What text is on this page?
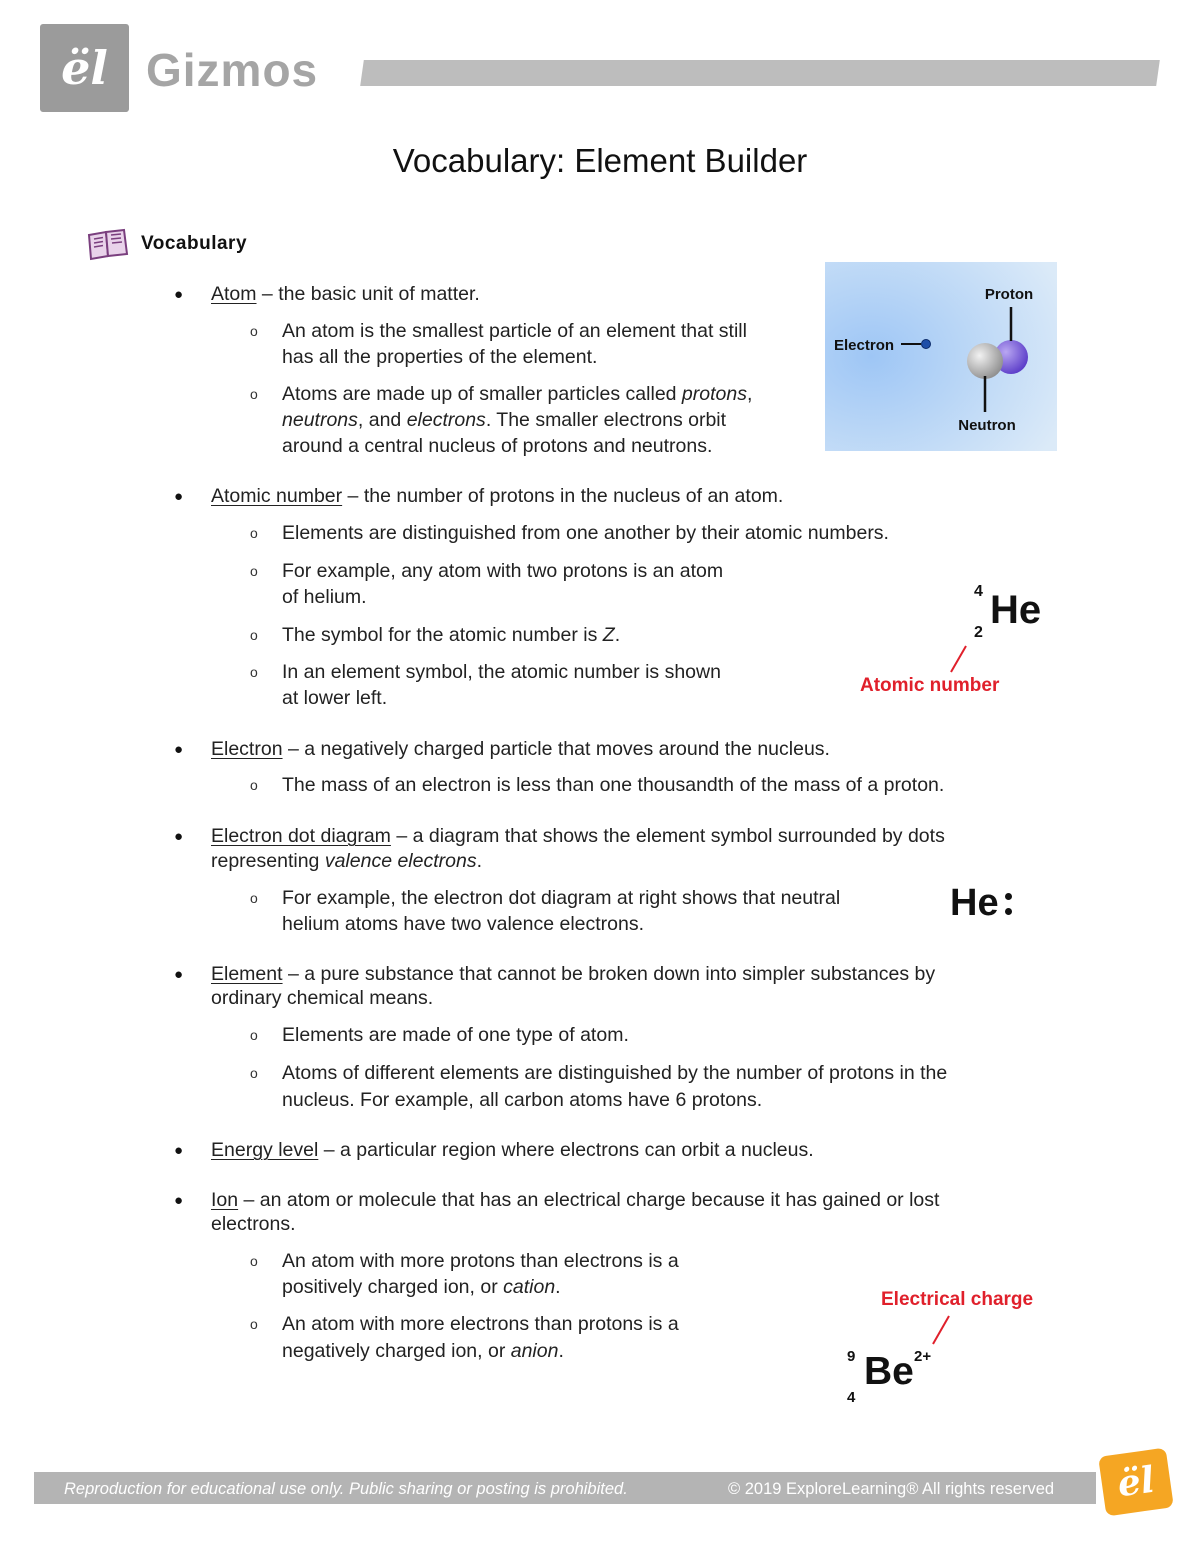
ël Gizmos
Vocabulary: Element Builder
Vocabulary
● Atom – the basic unit of matter.
o An atom is the smallest particle of an element that still
has all the properties of the element.
o Atoms are made up of smaller particles called protons,
neutrons, and electrons. The smaller electrons orbit
around a central nucleus of protons and neutrons.
Proton
Electron
Neutron
● Atomic number – the number of protons in the nucleus of an atom.
o Elements are distinguished from one another by their atomic numbers.
o For example, any atom with two protons is an atom
of helium.
o The symbol for the atomic number is Z.
o In an element symbol, the atomic number is shown
at lower left.
4 He
2
Atomic number
● Electron – a negatively charged particle that moves around the nucleus.
o The mass of an electron is less than one thousandth of the mass of a proton.
● Electron dot diagram – a diagram that shows the element symbol surrounded by dots
representing valence electrons.
o For example, the electron dot diagram at right shows that neutral
helium atoms have two valence electrons.	He
● Element – a pure substance that cannot be broken down into simpler substances by
ordinary chemical means.
o Elements are made of one type of atom.
o Atoms of different elements are distinguished by the number of protons in the
nucleus. For example, all carbon atoms have 6 protons.
● Energy level – a particular region where electrons can orbit a nucleus.
● Ion – an atom or molecule that has an electrical charge because it has gained or lost
electrons.
o An atom with more protons than electrons is a
positively charged ion, or cation.
o An atom with more electrons than protons is a
negatively charged ion, or anion.
Electrical charge
9 Be 2+
4
Reproduction for educational use only. Public sharing or posting is prohibited.	© 2019 ExploreLearning® All rights reserved	ël
